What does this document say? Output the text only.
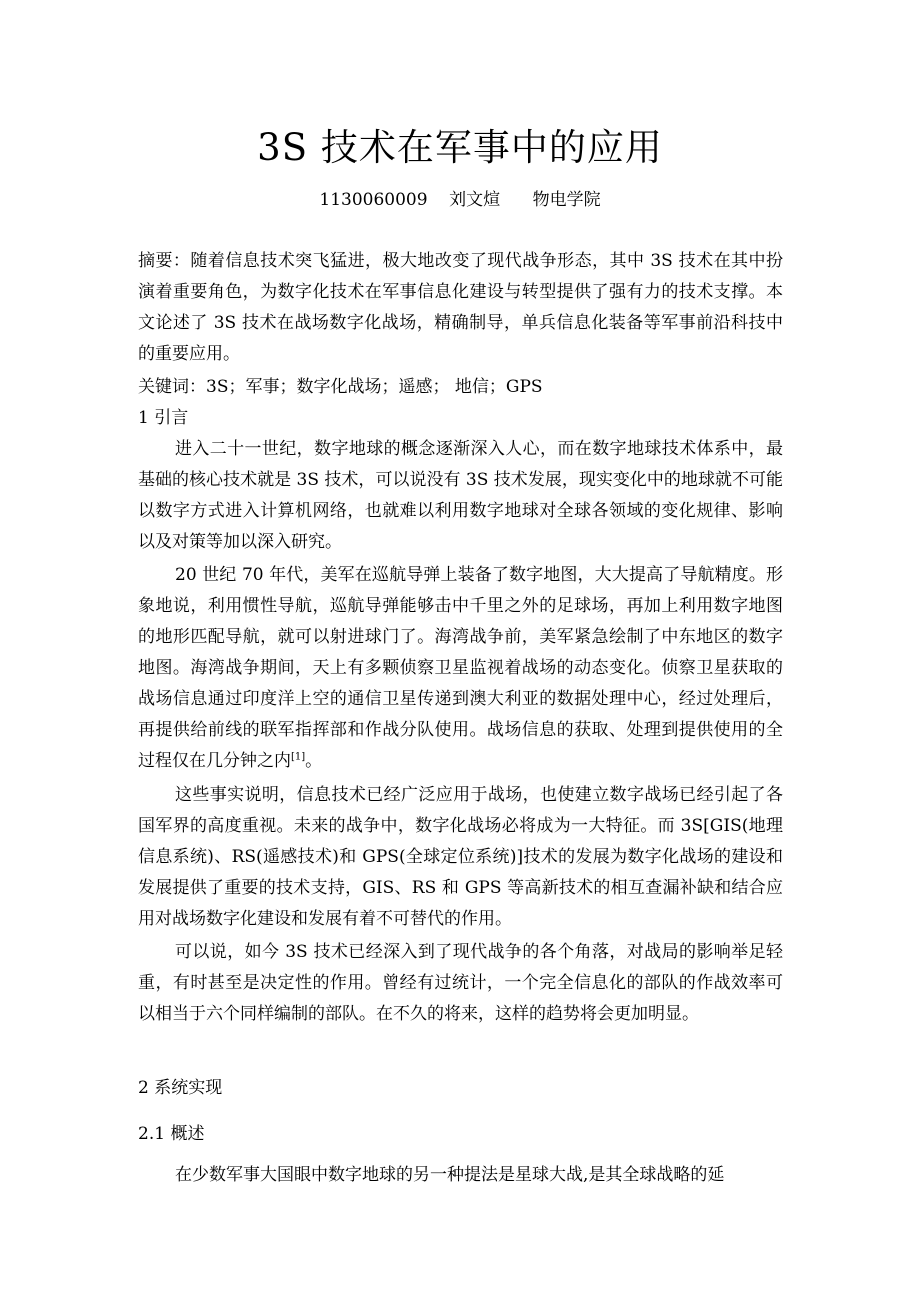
3S 技术在军事中的应用
1130060009    刘文煊      物电学院

摘要：随着信息技术突飞猛进，极大地改变了现代战争形态，其中 3S 技术在其中扮演着重要角色，为数字化技术在军事信息化建设与转型提供了强有力的技术支撑。本文论述了 3S 技术在战场数字化战场，精确制导，单兵信息化装备等军事前沿科技中的重要应用。

关键词：3S；军事；数字化战场；遥感； 地信；GPS
1 引言

进入二十一世纪，数字地球的概念逐渐深入人心，而在数字地球技术体系中，最基础的核心技术就是 3S 技术，可以说没有 3S 技术发展，现实变化中的地球就不可能以数字方式进入计算机网络，也就难以利用数字地球对全球各领域的变化规律、影响以及对策等加以深入研究。

20 世纪 70 年代，美军在巡航导弹上装备了数字地图，大大提高了导航精度。形象地说，利用惯性导航，巡航导弹能够击中千里之外的足球场，再加上利用数字地图的地形匹配导航，就可以射进球门了。海湾战争前，美军紧急绘制了中东地区的数字地图。海湾战争期间，天上有多颗侦察卫星监视着战场的动态变化。侦察卫星获取的战场信息通过印度洋上空的通信卫星传递到澳大利亚的数据处理中心，经过处理后，再提供给前线的联军指挥部和作战分队使用。战场信息的获取、处理到提供使用的全过程仅在几分钟之内[1]。

这些事实说明，信息技术已经广泛应用于战场，也使建立数字战场已经引起了各国军界的高度重视。未来的战争中，数字化战场必将成为一大特征。而 3S[GIS(地理信息系统)、RS(遥感技术)和 GPS(全球定位系统)]技术的发展为数字化战场的建设和发展提供了重要的技术支持，GIS、RS 和 GPS 等高新技术的相互查漏补缺和结合应用对战场数字化建设和发展有着不可替代的作用。

可以说，如今 3S 技术已经深入到了现代战争的各个角落，对战局的影响举足轻重，有时甚至是决定性的作用。曾经有过统计，一个完全信息化的部队的作战效率可以相当于六个同样编制的部队。在不久的将来，这样的趋势将会更加明显。

2 系统实现
2.1 概述

在少数军事大国眼中数字地球的另一种提法是星球大战,是其全球战略的延
